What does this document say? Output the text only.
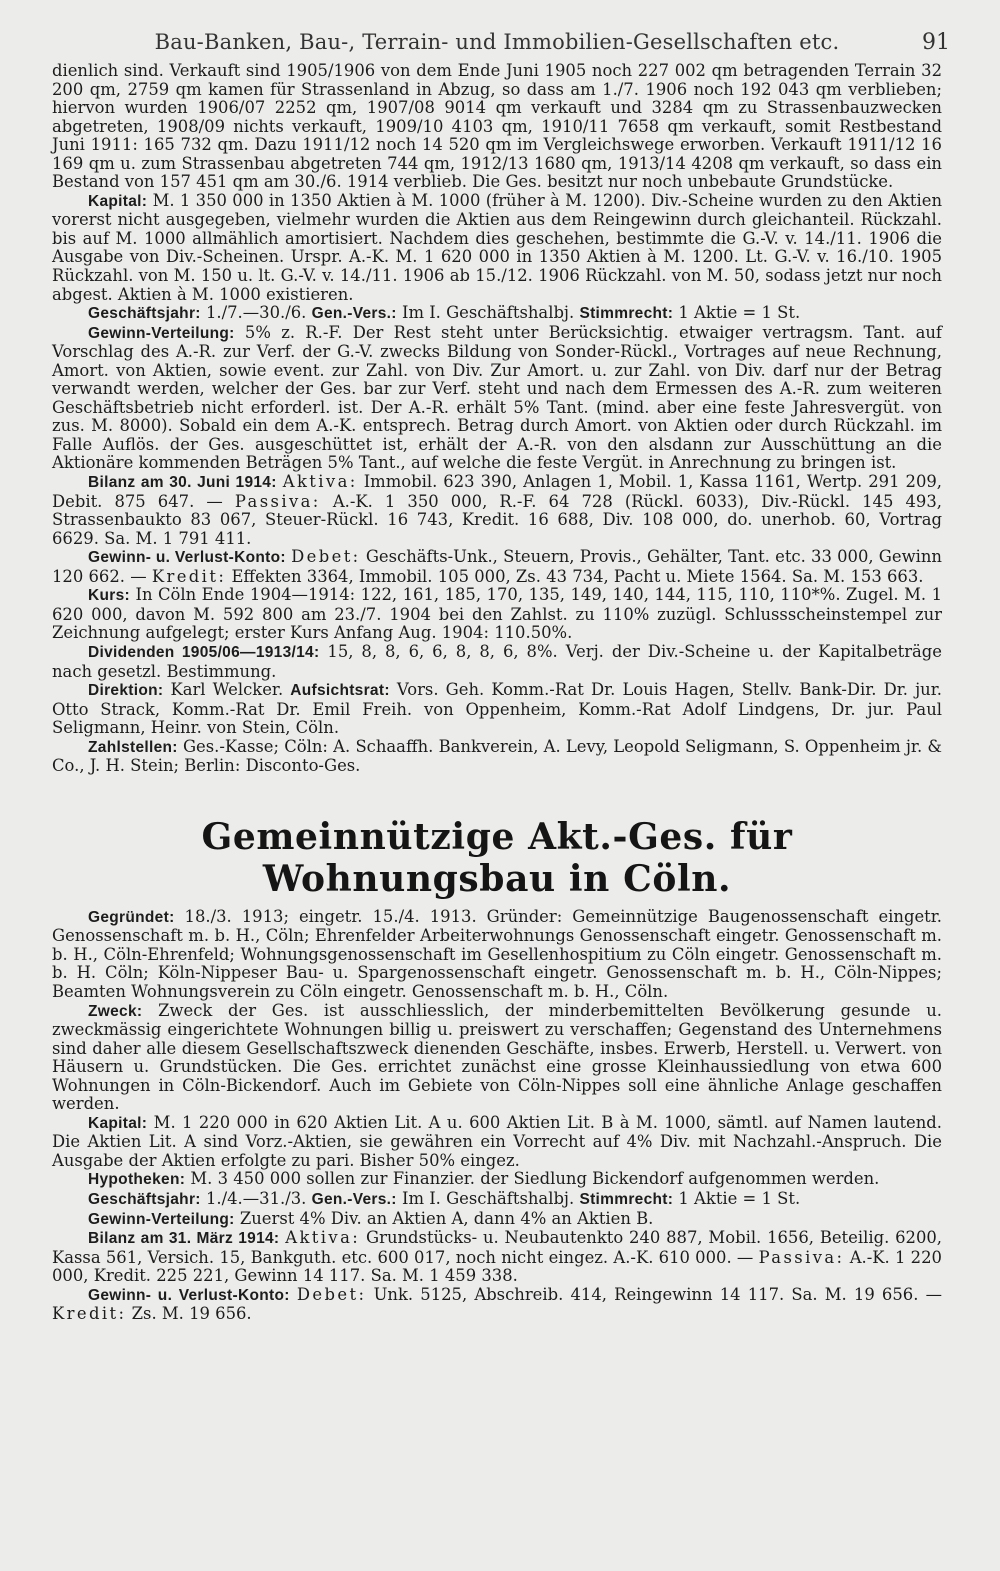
Bau-Banken, Bau-, Terrain- und Immobilien-Gesellschaften etc.	91

dienlich sind. Verkauft sind 1905/1906 von dem Ende Juni 1905 noch 227 002 qm betragenden Terrain 32 200 qm, 2759 qm kamen für Strassenland in Abzug, so dass am 1./7. 1906 noch 192 043 qm verblieben; hiervon wurden 1906/07 2252 qm, 1907/08 9014 qm verkauft und 3284 qm zu Strassenbauzwecken abgetreten, 1908/09 nichts verkauft, 1909/10 4103 qm, 1910/11 7658 qm verkauft, somit Restbestand Juni 1911: 165 732 qm. Dazu 1911/12 noch 14 520 qm im Vergleichswege erworben. Verkauft 1911/12 16 169 qm u. zum Strassenbau abgetreten 744 qm, 1912/13 1680 qm, 1913/14 4208 qm verkauft, so dass ein Bestand von 157 451 qm am 30./6. 1914 verblieb. Die Ges. besitzt nur noch unbebaute Grundstücke.

Kapital: M. 1 350 000 in 1350 Aktien à M. 1000 (früher à M. 1200). Div.-Scheine wurden zu den Aktien vorerst nicht ausgegeben, vielmehr wurden die Aktien aus dem Reingewinn durch gleichanteil. Rückzahl. bis auf M. 1000 allmählich amortisiert. Nachdem dies geschehen, bestimmte die G.-V. v. 14./11. 1906 die Ausgabe von Div.-Scheinen. Urspr. A.-K. M. 1 620 000 in 1350 Aktien à M. 1200. Lt. G.-V. v. 16./10. 1905 Rückzahl. von M. 150 u. lt. G.-V. v. 14./11. 1906 ab 15./12. 1906 Rückzahl. von M. 50, sodass jetzt nur noch abgest. Aktien à M. 1000 existieren.

Geschäftsjahr: 1./7.—30./6. Gen.-Vers.: Im I. Geschäftshalbj. Stimmrecht: 1 Aktie = 1 St.

Gewinn-Verteilung: 5% z. R.-F. Der Rest steht unter Berücksichtig. etwaiger vertragsm. Tant. auf Vorschlag des A.-R. zur Verf. der G.-V. zwecks Bildung von Sonder-Rückl., Vortrages auf neue Rechnung, Amort. von Aktien, sowie event. zur Zahl. von Div. Zur Amort. u. zur Zahl. von Div. darf nur der Betrag verwandt werden, welcher der Ges. bar zur Verf. steht und nach dem Ermessen des A.-R. zum weiteren Geschäftsbetrieb nicht erforderl. ist. Der A.-R. erhält 5% Tant. (mind. aber eine feste Jahresvergüt. von zus. M. 8000). Sobald ein dem A.-K. entsprech. Betrag durch Amort. von Aktien oder durch Rückzahl. im Falle Auflös. der Ges. ausgeschüttet ist, erhält der A.-R. von den alsdann zur Ausschüttung an die Aktionäre kommenden Beträgen 5% Tant., auf welche die feste Vergüt. in Anrechnung zu bringen ist.

Bilanz am 30. Juni 1914: Aktiva: Immobil. 623 390, Anlagen 1, Mobil. 1, Kassa 1161, Wertp. 291 209, Debit. 875 647. — Passiva: A.-K. 1 350 000, R.-F. 64 728 (Rückl. 6033), Div.-Rückl. 145 493, Strassenbaukto 83 067, Steuer-Rückl. 16 743, Kredit. 16 688, Div. 108 000, do. unerhob. 60, Vortrag 6629. Sa. M. 1 791 411.

Gewinn- u. Verlust-Konto: Debet: Geschäfts-Unk., Steuern, Provis., Gehälter, Tant. etc. 33 000, Gewinn 120 662. — Kredit: Effekten 3364, Immobil. 105 000, Zs. 43 734, Pacht u. Miete 1564. Sa. M. 153 663.

Kurs: In Cöln Ende 1904—1914: 122, 161, 185, 170, 135, 149, 140, 144, 115, 110, 110*%. Zugel. M. 1 620 000, davon M. 592 800 am 23./7. 1904 bei den Zahlst. zu 110% zuzügl. Schlussscheinstempel zur Zeichnung aufgelegt; erster Kurs Anfang Aug. 1904: 110.50%.

Dividenden 1905/06—1913/14: 15, 8, 8, 6, 6, 8, 8, 6, 8%. Verj. der Div.-Scheine u. der Kapitalbeträge nach gesetzl. Bestimmung.

Direktion: Karl Welcker. Aufsichtsrat: Vors. Geh. Komm.-Rat Dr. Louis Hagen, Stellv. Bank-Dir. Dr. jur. Otto Strack, Komm.-Rat Dr. Emil Freih. von Oppenheim, Komm.-Rat Adolf Lindgens, Dr. jur. Paul Seligmann, Heinr. von Stein, Cöln.

Zahlstellen: Ges.-Kasse; Cöln: A. Schaaffh. Bankverein, A. Levy, Leopold Seligmann, S. Oppenheim jr. & Co., J. H. Stein; Berlin: Disconto-Ges.

Gemeinnützige Akt.-Ges. für Wohnungsbau in Cöln.

Gegründet: 18./3. 1913; eingetr. 15./4. 1913. Gründer: Gemeinnützige Baugenossenschaft eingetr. Genossenschaft m. b. H., Cöln; Ehrenfelder Arbeiterwohnungs Genossenschaft eingetr. Genossenschaft m. b. H., Cöln-Ehrenfeld; Wohnungsgenossenschaft im Gesellenhospitium zu Cöln eingetr. Genossenschaft m. b. H. Cöln; Köln-Nippeser Bau- u. Spargenossenschaft eingetr. Genossenschaft m. b. H., Cöln-Nippes; Beamten Wohnungsverein zu Cöln eingetr. Genossenschaft m. b. H., Cöln.

Zweck: Zweck der Ges. ist ausschliesslich, der minderbemittelten Bevölkerung gesunde u. zweckmässig eingerichtete Wohnungen billig u. preiswert zu verschaffen; Gegenstand des Unternehmens sind daher alle diesem Gesellschaftszweck dienenden Geschäfte, insbes. Erwerb, Herstell. u. Verwert. von Häusern u. Grundstücken. Die Ges. errichtet zunächst eine grosse Kleinhaussiedlung von etwa 600 Wohnungen in Cöln-Bickendorf. Auch im Gebiete von Cöln-Nippes soll eine ähnliche Anlage geschaffen werden.

Kapital: M. 1 220 000 in 620 Aktien Lit. A u. 600 Aktien Lit. B à M. 1000, sämtl. auf Namen lautend. Die Aktien Lit. A sind Vorz.-Aktien, sie gewähren ein Vorrecht auf 4% Div. mit Nachzahl.-Anspruch. Die Ausgabe der Aktien erfolgte zu pari. Bisher 50% eingez.

Hypotheken: M. 3 450 000 sollen zur Finanzier. der Siedlung Bickendorf aufgenommen werden.

Geschäftsjahr: 1./4.—31./3. Gen.-Vers.: Im I. Geschäftshalbj. Stimmrecht: 1 Aktie = 1 St.

Gewinn-Verteilung: Zuerst 4% Div. an Aktien A, dann 4% an Aktien B.

Bilanz am 31. März 1914: Aktiva: Grundstücks- u. Neubautenkto 240 887, Mobil. 1656, Beteilig. 6200, Kassa 561, Versich. 15, Bankguth. etc. 600 017, noch nicht eingez. A.-K. 610 000. — Passiva: A.-K. 1 220 000, Kredit. 225 221, Gewinn 14 117. Sa. M. 1 459 338.

Gewinn- u. Verlust-Konto: Debet: Unk. 5125, Abschreib. 414, Reingewinn 14 117. Sa. M. 19 656. — Kredit: Zs. M. 19 656.
